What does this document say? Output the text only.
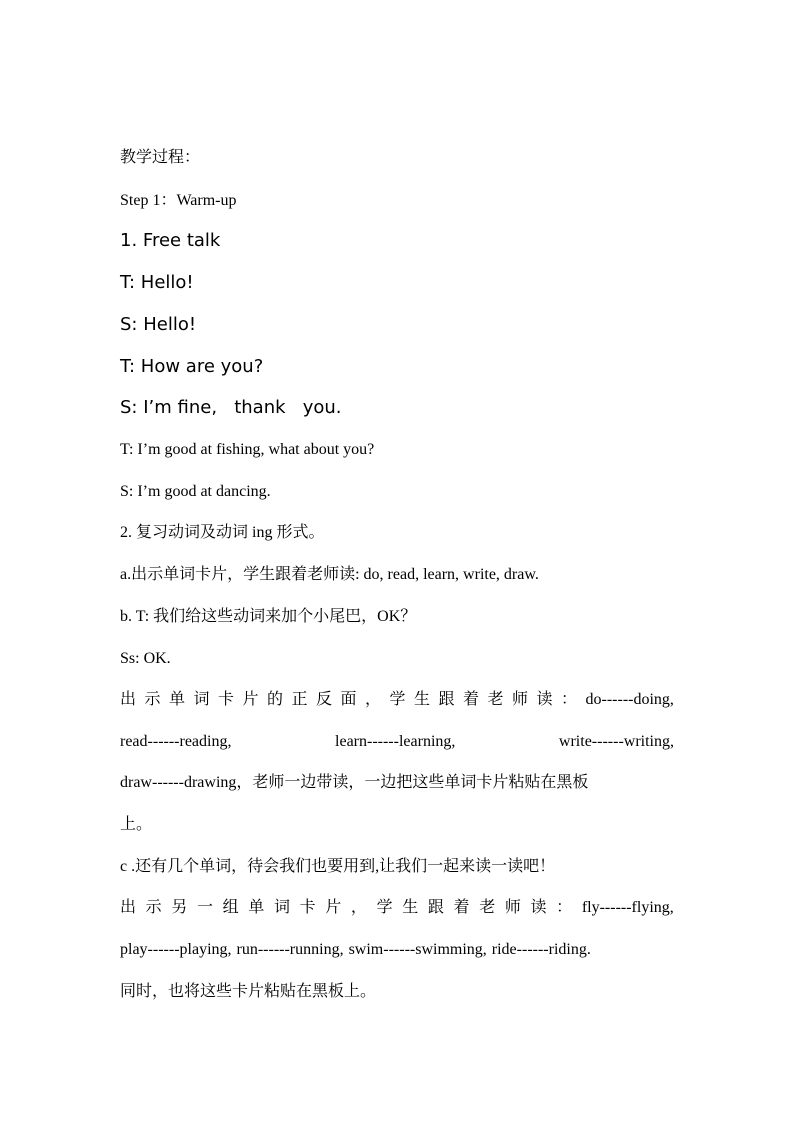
教学过程：
Step 1：Warm-up
1. Free talk
T: Hello!
S: Hello!
T: How are you?
S: I’m fine,   thank   you.
T: I’m good at fishing, what about you?
S: I’m good at dancing.
2. 复习动词及动词 ing 形式。
a.出示单词卡片，学生跟着老师读: do, read, learn, write, draw.
b. T: 我们给这些动词来加个小尾巴，OK？
Ss: OK.
出 示 单 词 卡 片 的 正 反 面 ， 学 生 跟 着 老 师 读 ： do------doing,
read------reading,	learn------learning,	write------writing,
draw------drawing，老师一边带读，一边把这些单词卡片粘贴在黑板
上。
c .还有几个单词，待会我们也要用到,让我们一起来读一读吧！
出 示 另 一 组 单 词 卡 片 ， 学 生 跟 着 老 师 读 ： fly------flying,
play------playing, run------running, swim------swimming, ride------riding.
同时，也将这些卡片粘贴在黑板上。
